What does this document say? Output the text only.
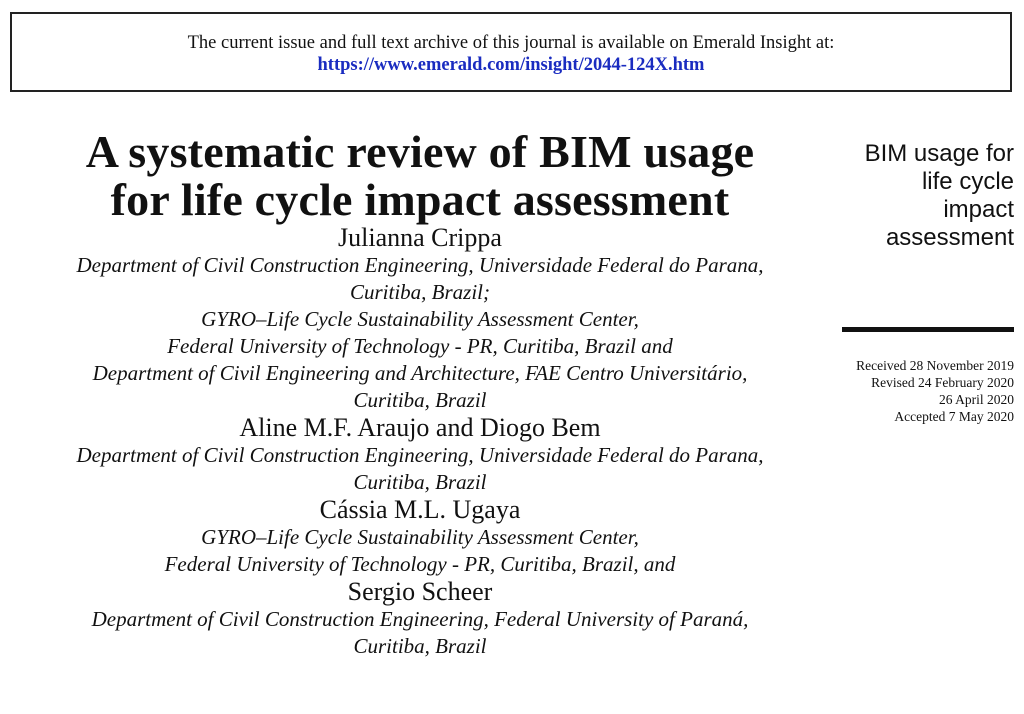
The current issue and full text archive of this journal is available on Emerald Insight at:
https://www.emerald.com/insight/2044-124X.htm
A systematic review of BIM usage
for life cycle impact assessment

Julianna Crippa

Department of Civil Construction Engineering, Universidade Federal do Parana,

Curitiba, Brazil;

GYRO–Life Cycle Sustainability Assessment Center,

Federal University of Technology - PR, Curitiba, Brazil and

Department of Civil Engineering and Architecture, FAE Centro Universitário,

Curitiba, Brazil

Aline M.F. Araujo and Diogo Bem

Department of Civil Construction Engineering, Universidade Federal do Parana,

Curitiba, Brazil

Cássia M.L. Ugaya

GYRO–Life Cycle Sustainability Assessment Center,

Federal University of Technology - PR, Curitiba, Brazil, and

Sergio Scheer

Department of Civil Construction Engineering, Federal University of Paraná,

Curitiba, Brazil

BIM usage for
life cycle
impact
assessment
Received 28 November 2019
Revised 24 February 2020
26 April 2020
Accepted 7 May 2020
